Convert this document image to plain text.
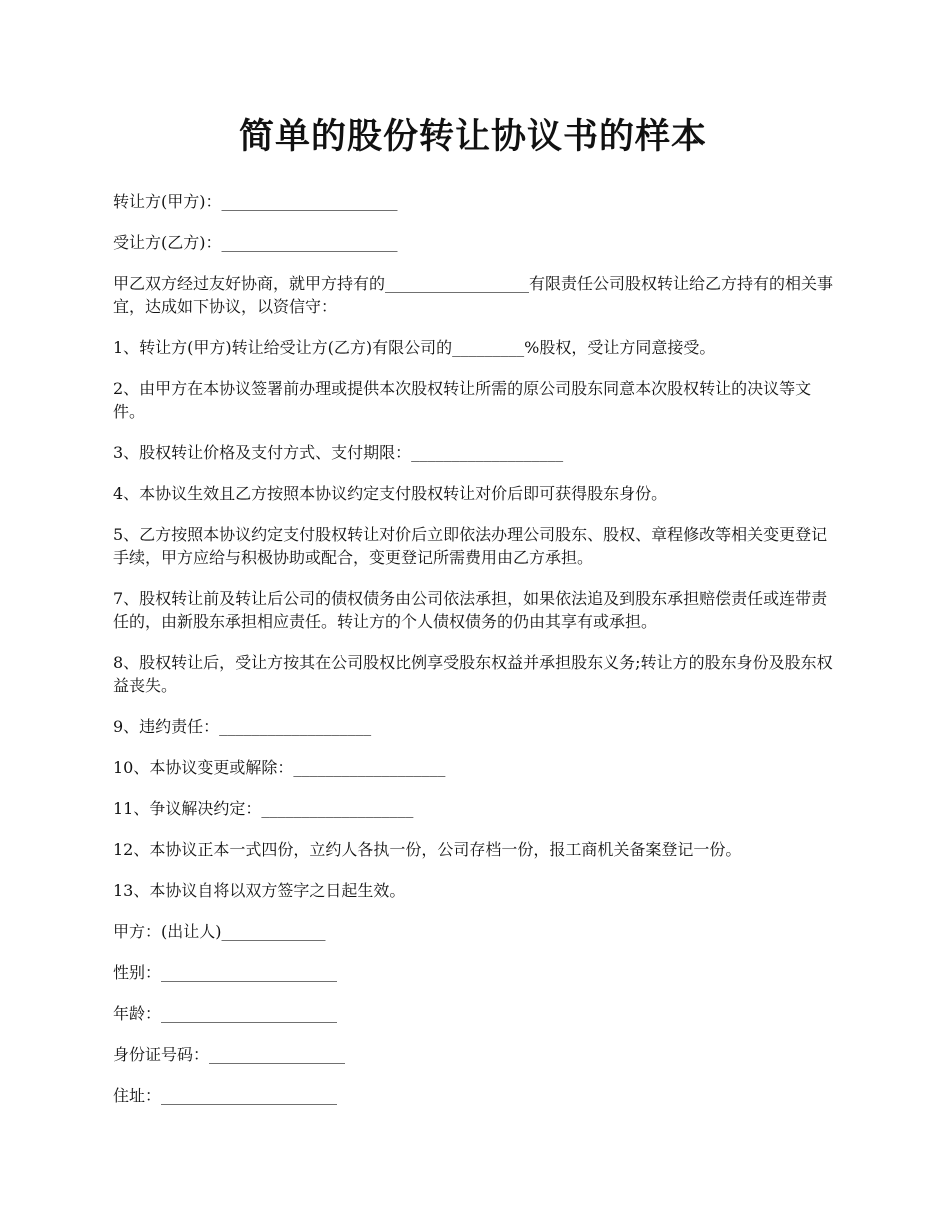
简单的股份转让协议书的样本

转让方(甲方)：______________________

受让方(乙方)：______________________

甲乙双方经过友好协商，就甲方持有的__________________有限责任公司股权转让给乙方持有的相关事宜，达成如下协议，以资信守：

1、转让方(甲方)转让给受让方(乙方)有限公司的_________%股权，受让方同意接受。

2、由甲方在本协议签署前办理或提供本次股权转让所需的原公司股东同意本次股权转让的决议等文件。

3、股权转让价格及支付方式、支付期限：___________________

4、本协议生效且乙方按照本协议约定支付股权转让对价后即可获得股东身份。

5、乙方按照本协议约定支付股权转让对价后立即依法办理公司股东、股权、章程修改等相关变更登记手续，甲方应给与积极协助或配合，变更登记所需费用由乙方承担。

7、股权转让前及转让后公司的债权债务由公司依法承担，如果依法追及到股东承担赔偿责任或连带责任的，由新股东承担相应责任。转让方的个人债权债务的仍由其享有或承担。

8、股权转让后，受让方按其在公司股权比例享受股东权益并承担股东义务;转让方的股东身份及股东权益丧失。

9、违约责任：___________________

10、本协议变更或解除：___________________

11、争议解决约定：___________________

12、本协议正本一式四份，立约人各执一份，公司存档一份，报工商机关备案登记一份。

13、本协议自将以双方签字之日起生效。

甲方：(出让人)_____________

性别：______________________

年龄：______________________

身份证号码：_________________

住址：______________________
